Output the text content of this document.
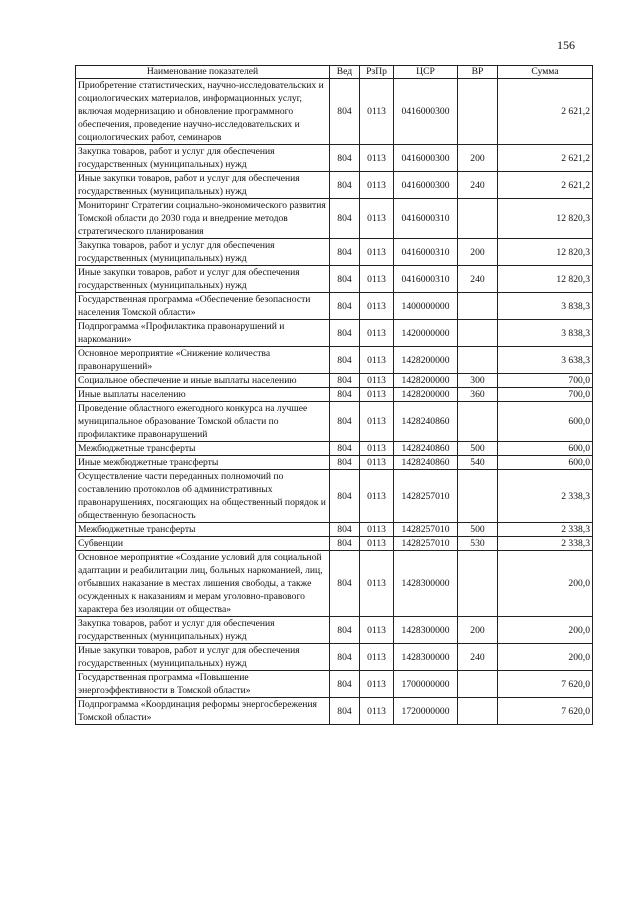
156
Наименование показателей	Вед	РзПр	ЦСР	ВР	Сумма
Приобретение статистических, научно-исследовательских и социологических материалов, информационных услуг, включая модернизацию и обновление программного обеспечения, проведение научно-исследовательских и социологических работ, семинаров	804	0113	0416000300		2 621,2
Закупка товаров, работ и услуг для обеспечения государственных (муниципальных) нужд	804	0113	0416000300	200	2 621,2
Иные закупки товаров, работ и услуг для обеспечения государственных (муниципальных) нужд	804	0113	0416000300	240	2 621,2
Мониторинг Стратегии социально-экономического развития Томской области до 2030 года и внедрение методов стратегического планирования	804	0113	0416000310		12 820,3
Закупка товаров, работ и услуг для обеспечения государственных (муниципальных) нужд	804	0113	0416000310	200	12 820,3
Иные закупки товаров, работ и услуг для обеспечения государственных (муниципальных) нужд	804	0113	0416000310	240	12 820,3
Государственная программа «Обеспечение безопасности населения Томской области»	804	0113	1400000000		3 838,3
Подпрограмма «Профилактика правонарушений и наркомании»	804	0113	1420000000		3 838,3
Основное мероприятие «Снижение количества правонарушений»	804	0113	1428200000		3 638,3
Социальное обеспечение и иные выплаты населению	804	0113	1428200000	300	700,0
Иные выплаты населению	804	0113	1428200000	360	700,0
Проведение областного ежегодного конкурса на лучшее муниципальное образование Томской области по профилактике правонарушений	804	0113	1428240860		600,0
Межбюджетные трансферты	804	0113	1428240860	500	600,0
Иные межбюджетные трансферты	804	0113	1428240860	540	600,0
Осуществление части переданных полномочий по составлению протоколов об административных правонарушениях, посягающих на общественный порядок и общественную безопасность	804	0113	1428257010		2 338,3
Межбюджетные трансферты	804	0113	1428257010	500	2 338,3
Субвенции	804	0113	1428257010	530	2 338,3
Основное мероприятие «Создание условий для социальной адаптации и реабилитации лиц, больных наркоманией, лиц, отбывших наказание в местах лишения свободы, а также осужденных к наказаниям и мерам уголовно-правового характера без изоляции от общества»	804	0113	1428300000		200,0
Закупка товаров, работ и услуг для обеспечения государственных (муниципальных) нужд	804	0113	1428300000	200	200,0
Иные закупки товаров, работ и услуг для обеспечения государственных (муниципальных) нужд	804	0113	1428300000	240	200,0
Государственная программа «Повышение энергоэффективности в Томской области»	804	0113	1700000000		7 620,0
Подпрограмма «Координация реформы энергосбережения Томской области»	804	0113	1720000000		7 620,0
